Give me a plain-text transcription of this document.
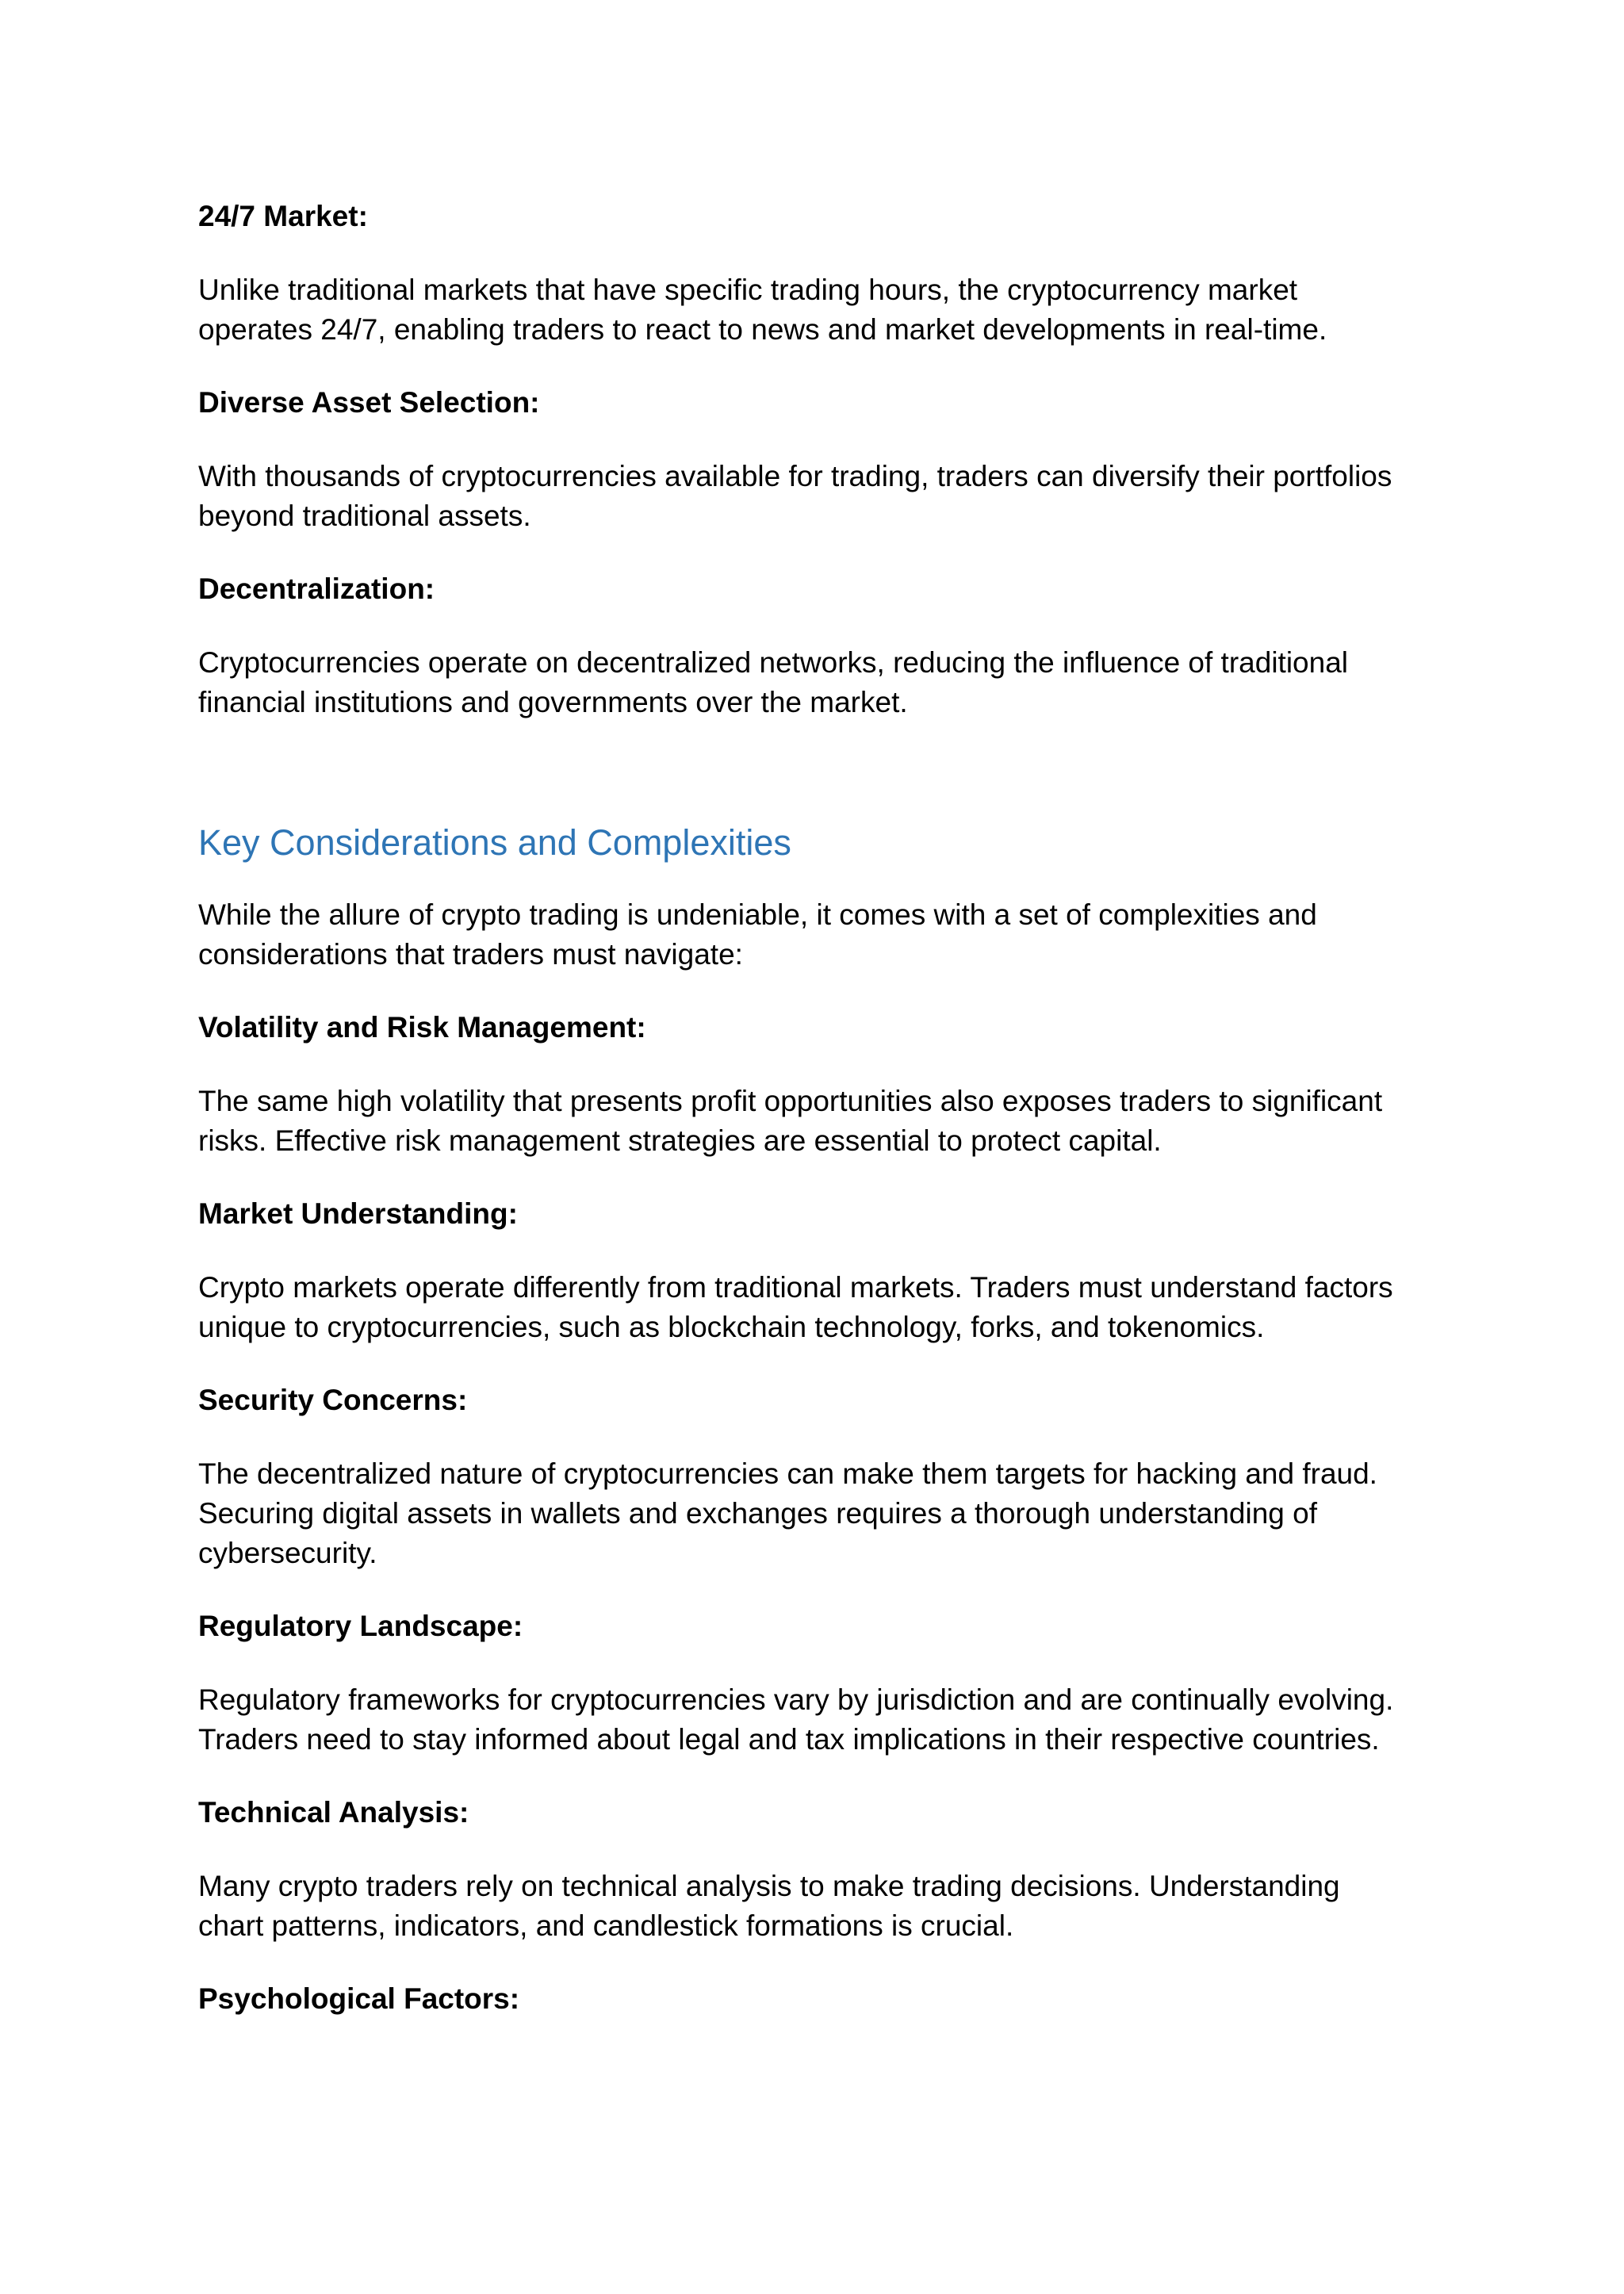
24/7 Market:

Unlike traditional markets that have specific trading hours, the cryptocurrency market

operates 24/7, enabling traders to react to news and market developments in real-time.

Diverse Asset Selection:

With thousands of cryptocurrencies available for trading, traders can diversify their portfolios

beyond traditional assets.

Decentralization:

Cryptocurrencies operate on decentralized networks, reducing the influence of traditional

financial institutions and governments over the market.

Key Considerations and Complexities

While the allure of crypto trading is undeniable, it comes with a set of complexities and

considerations that traders must navigate:

Volatility and Risk Management:

The same high volatility that presents profit opportunities also exposes traders to significant

risks. Effective risk management strategies are essential to protect capital.

Market Understanding:

Crypto markets operate differently from traditional markets. Traders must understand factors

unique to cryptocurrencies, such as blockchain technology, forks, and tokenomics.

Security Concerns:

The decentralized nature of cryptocurrencies can make them targets for hacking and fraud.

Securing digital assets in wallets and exchanges requires a thorough understanding of

cybersecurity.

Regulatory Landscape:

Regulatory frameworks for cryptocurrencies vary by jurisdiction and are continually evolving.

Traders need to stay informed about legal and tax implications in their respective countries.

Technical Analysis:

Many crypto traders rely on technical analysis to make trading decisions. Understanding

chart patterns, indicators, and candlestick formations is crucial.

Psychological Factors:
